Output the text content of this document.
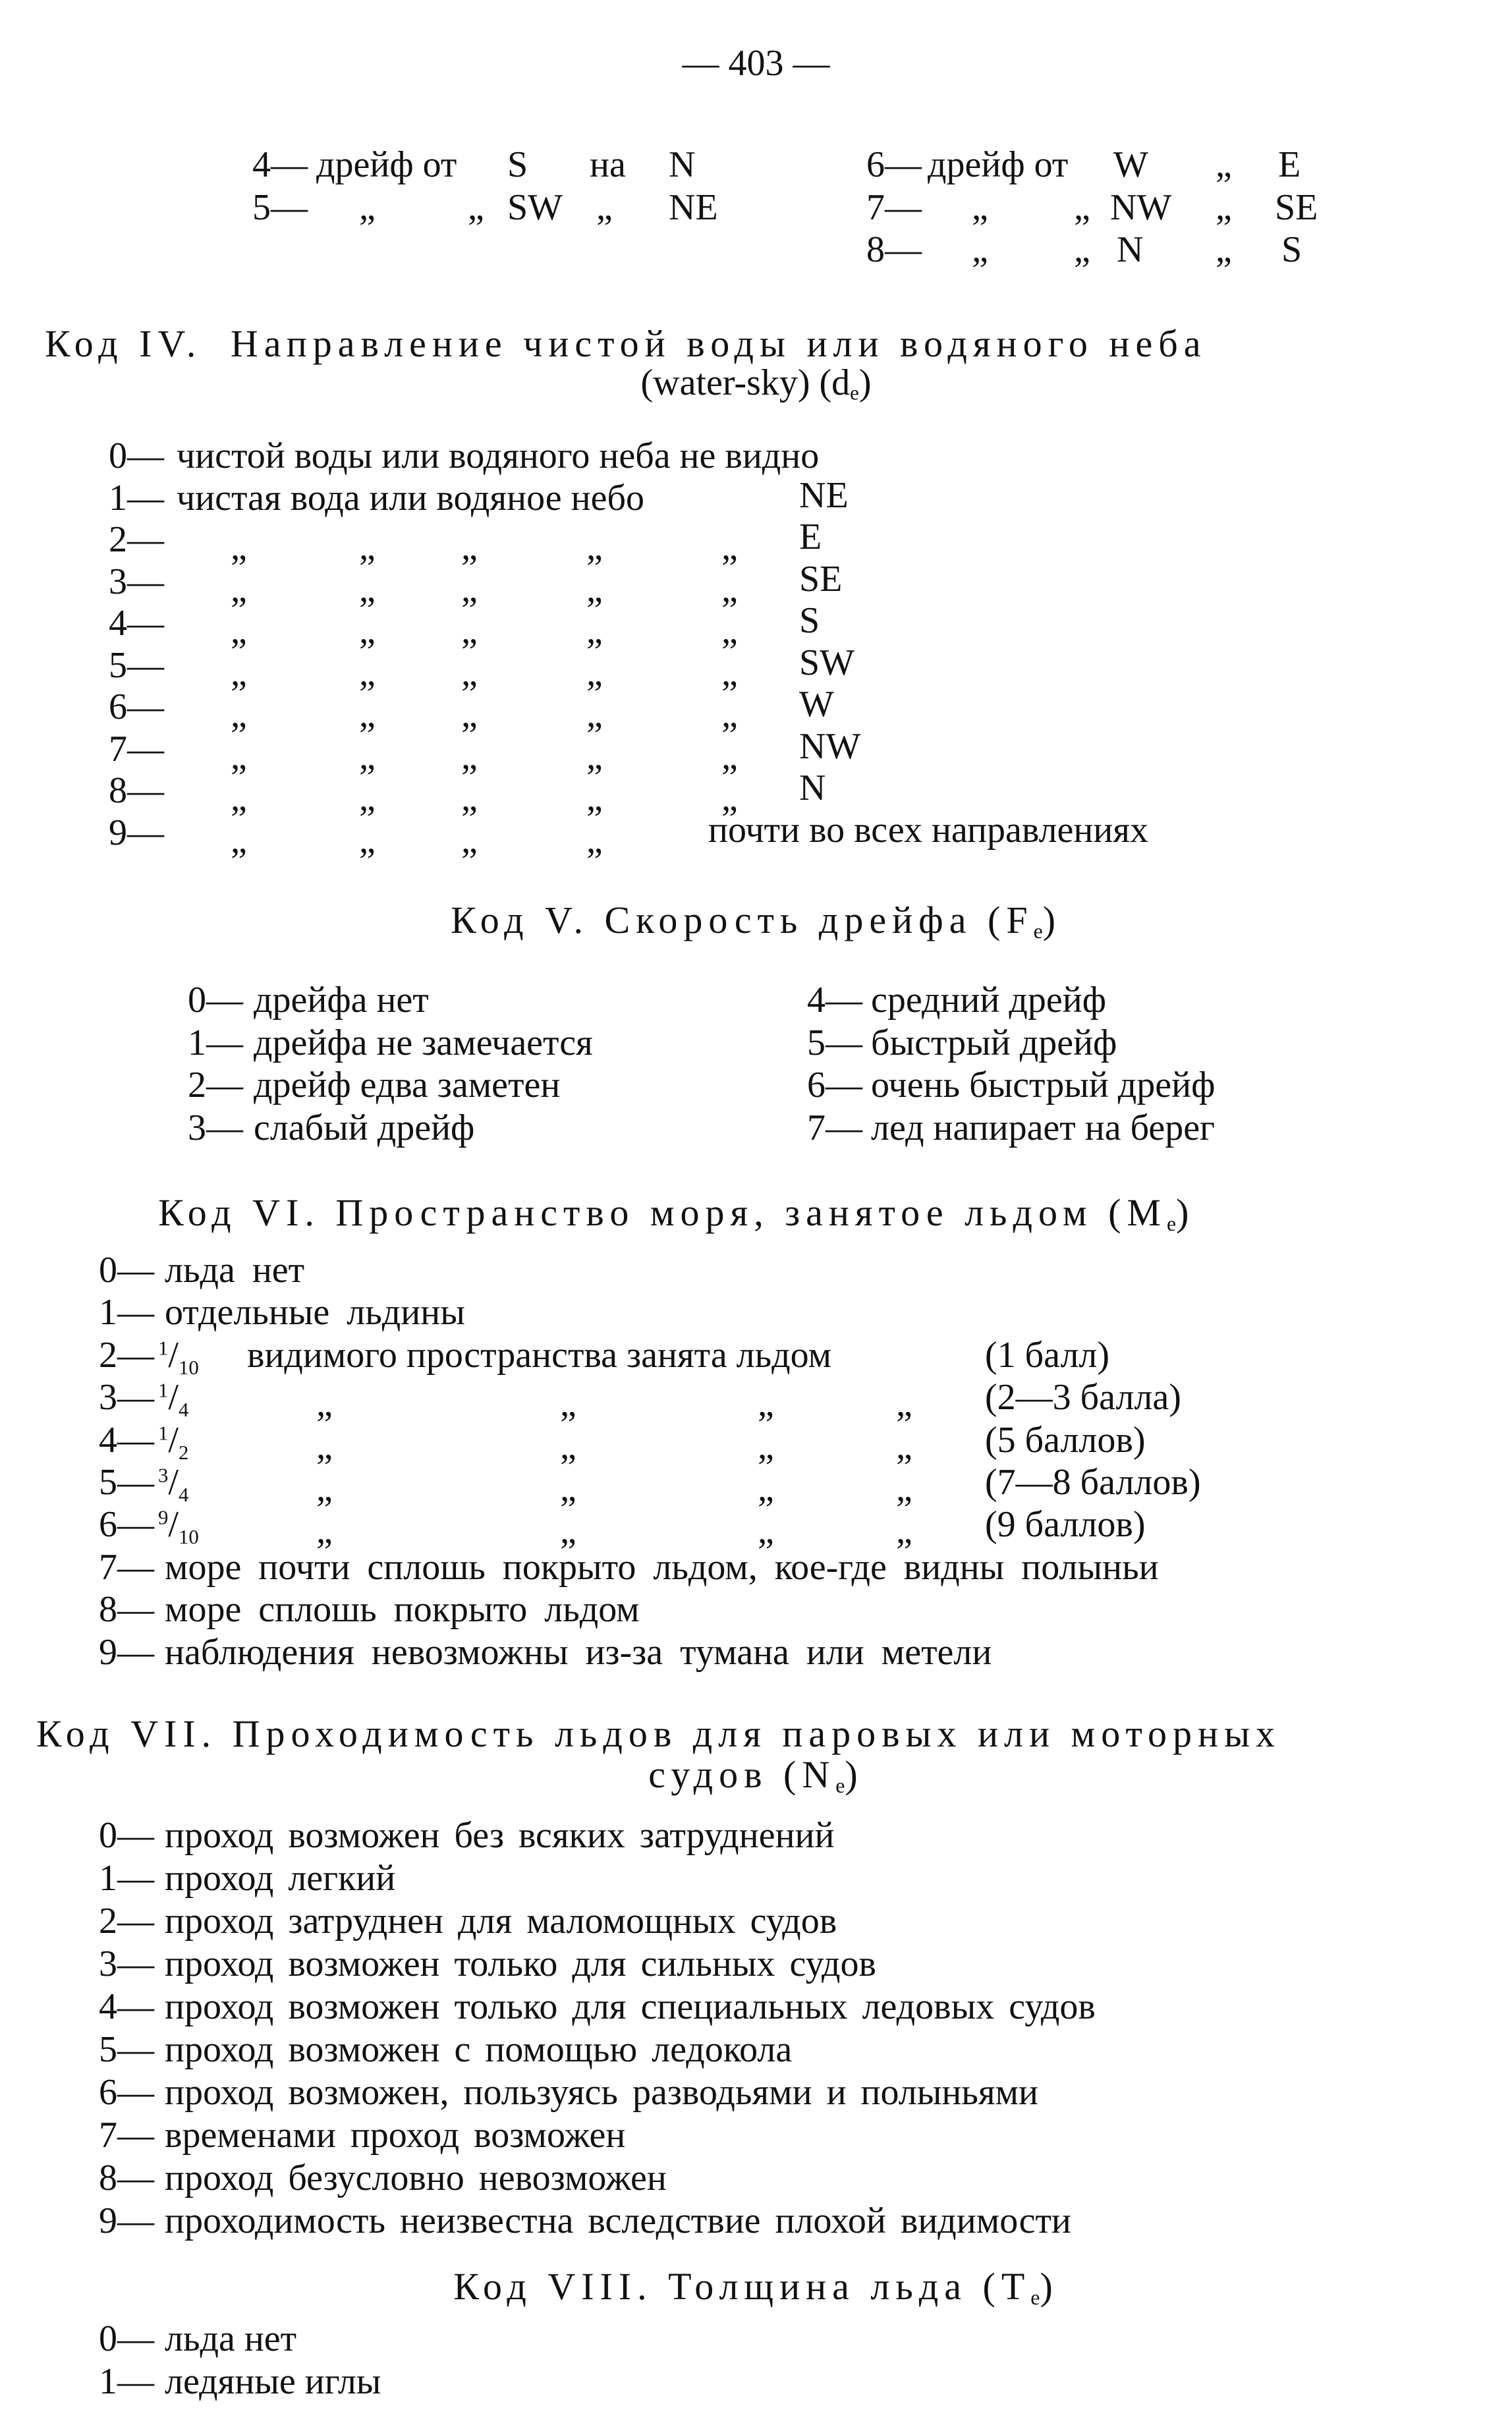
— 403 —
4— дрейф от S на N
5— „	„ SW „ NE
6— дрейф от W „ E
7— „ „ NW „ SE
8— „ „ N „ S
Код IV. Направление чистой воды или водяного неба
(water-sky) $(d_e)$
0— чистой воды или водяного неба не видно
1— чистая вода или водяное небо	NE
2— „	„ „	„	„ E
3— „	„ „	„	„ SE
4— „	„ „	„	„ S
5— „	„ „	„	„ SW
6— „	„ „	„	„ W
7— „	„ „	„	„ NW
8— „	„ „	„	„ N
9— „	„ „	„	почти во всех направлениях
Код V. Скорость дрейфа $(F_e)$
0— дрейфа нет
1— дрейфа не замечается
2— дрейф едва заметен
3— слабый дрейф
4— средний дрейф
5— быстрый дрейф
6— очень быстрый дрейф
7— лед напирает на берег
Код VI. Пространство моря, занятое льдом $(M_e)$
0— льда нет
1— отдельные льдины
2— $^1/_{10}$ видимого пространства занята льдом	(1 балл)
3— $^1/_4$	„	„	„	„ (2—3 балла)
4— $^1/_2$	„	„	„	„ (5 баллов)
5— $^3/_4$	„	„	„	„ (7—8 баллов)
6— $^9/_{10}$	„	„	„	„ (9 баллов)
7— море почти сплошь покрыто льдом, кое-где видны полыньи
8— море сплошь покрыто льдом
9— наблюдения невозможны из-за тумана или метели
Код VII. Проходимость льдов для паровых или моторных
судов $(N_e)$
0— проход возможен без всяких затруднений
1— проход легкий
2— проход затруднен для маломощных судов
3— проход возможен только для сильных судов
4— проход возможен только для специальных ледовых судов
5— проход возможен с помощью ледокола
6— проход возможен, пользуясь разводьями и полыньями
7— временами проход возможен
8— проход безусловно невозможен
9— проходимость неизвестна вследствие плохой видимости
Код VIII. Толщина льда $(T_e)$
0— льда нет
1— ледяные иглы
